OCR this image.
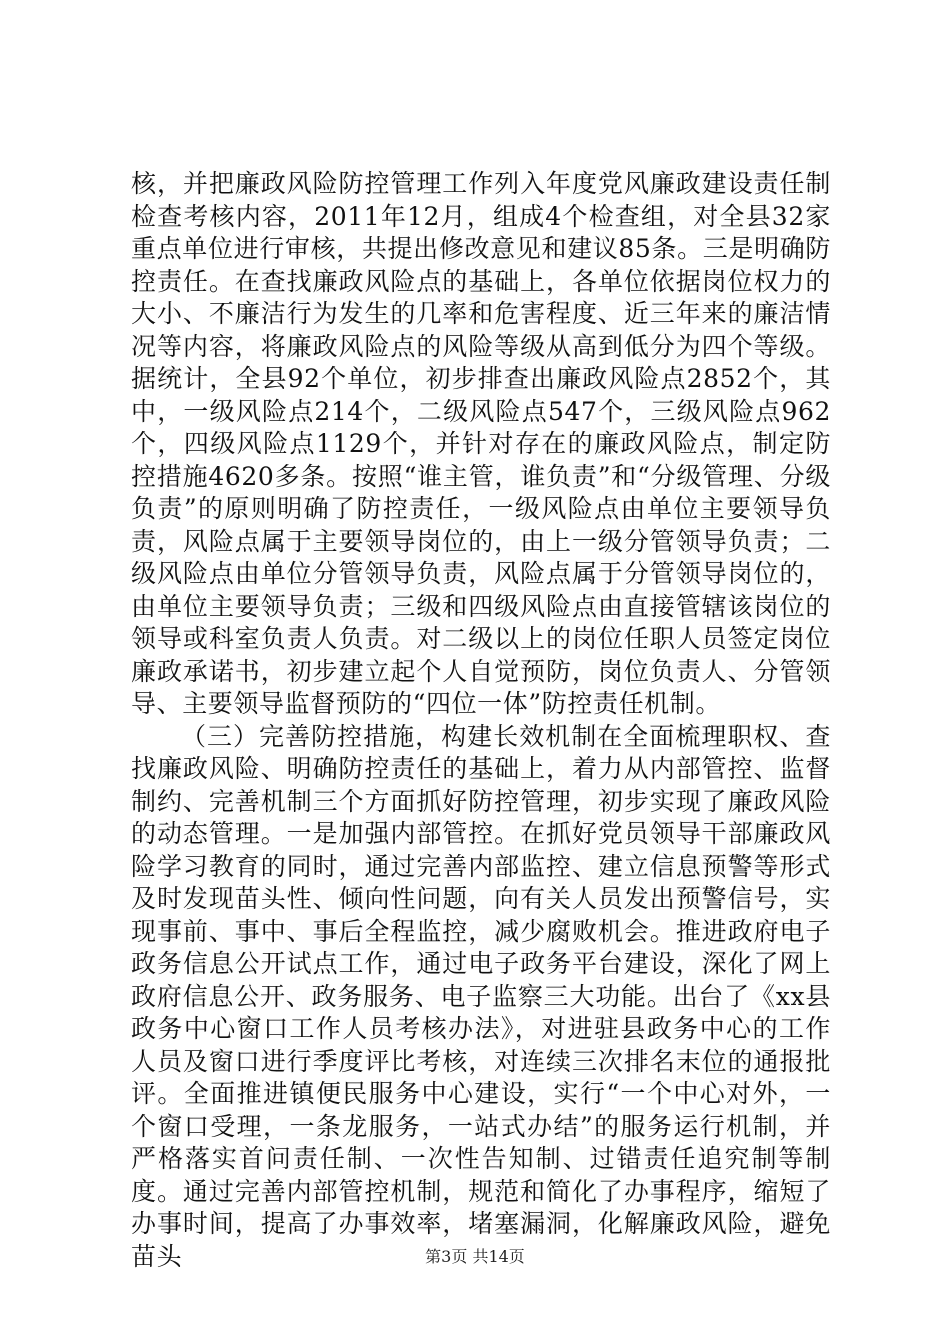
核，并把廉政风险防控管理工作列入年度党风廉政建设责任制检查考核内容，2011年12月，组成4个检查组，对全县32家重点单位进行审核，共提出修改意见和建议85条。三是明确防控责任。在查找廉政风险点的基础上，各单位依据岗位权力的大小、不廉洁行为发生的几率和危害程度、近三年来的廉洁情况等内容，将廉政风险点的风险等级从高到低分为四个等级。据统计，全县92个单位，初步排查出廉政风险点2852个，其中，一级风险点214个，二级风险点547个，三级风险点962个，四级风险点1129个，并针对存在的廉政风险点，制定防控措施4620多条。按照“谁主管，谁负责”和“分级管理、分级负责”的原则明确了防控责任，一级风险点由单位主要领导负责，风险点属于主要领导岗位的，由上一级分管领导负责；二级风险点由单位分管领导负责，风险点属于分管领导岗位的，由单位主要领导负责；三级和四级风险点由直接管辖该岗位的领导或科室负责人负责。对二级以上的岗位任职人员签定岗位廉政承诺书，初步建立起个人自觉预防，岗位负责人、分管领导、主要领导监督预防的“四位一体”防控责任机制。

（三）完善防控措施，构建长效机制在全面梳理职权、查找廉政风险、明确防控责任的基础上，着力从内部管控、监督制约、完善机制三个方面抓好防控管理，初步实现了廉政风险的动态管理。一是加强内部管控。在抓好党员领导干部廉政风险学习教育的同时，通过完善内部监控、建立信息预警等形式及时发现苗头性、倾向性问题，向有关人员发出预警信号，实现事前、事中、事后全程监控，减少腐败机会。推进政府电子政务信息公开试点工作，通过电子政务平台建设，深化了网上政府信息公开、政务服务、电子监察三大功能。出台了《xx县政务中心窗口工作人员考核办法》，对进驻县政务中心的工作人员及窗口进行季度评比考核，对连续三次排名末位的通报批评。全面推进镇便民服务中心建设，实行“一个中心对外，一个窗口受理，一条龙服务，一站式办结”的服务运行机制，并严格落实首问责任制、一次性告知制、过错责任追究制等制度。通过完善内部管控机制，规范和简化了办事程序，缩短了办事时间，提高了办事效率，堵塞漏洞，化解廉政风险，避免苗头	第3页 共14页
